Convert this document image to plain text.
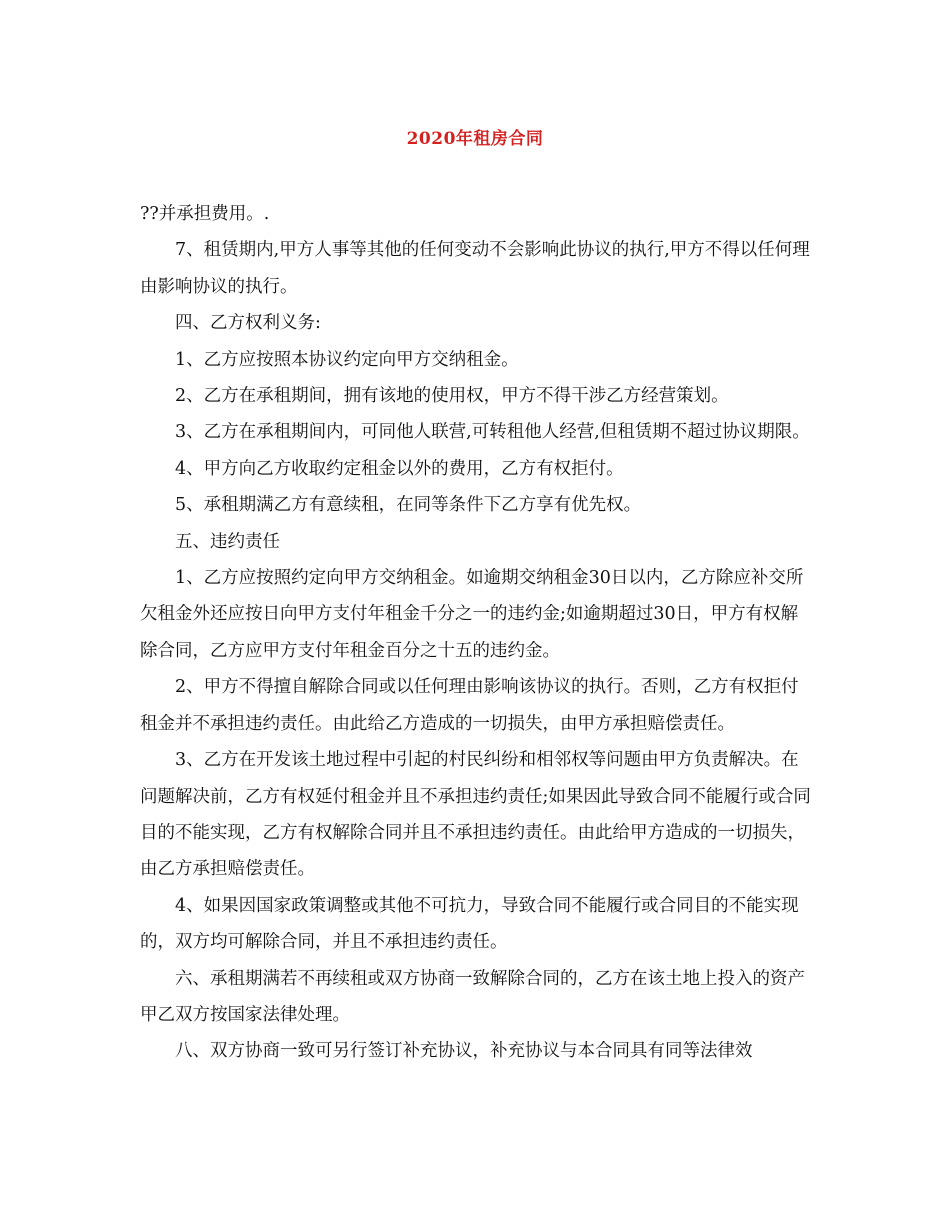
2020年租房合同

??并承担费用。.

7、租赁期内,甲方人事等其他的任何变动不会影响此协议的执行,甲方不得以任何理由影响协议的执行。

四、乙方权利义务:

1、乙方应按照本协议约定向甲方交纳租金。

2、乙方在承租期间，拥有该地的使用权，甲方不得干涉乙方经营策划。

3、乙方在承租期间内，可同他人联营,可转租他人经营,但租赁期不超过协议期限。

4、甲方向乙方收取约定租金以外的费用，乙方有权拒付。

5、承租期满乙方有意续租，在同等条件下乙方享有优先权。

五、违约责任

1、乙方应按照约定向甲方交纳租金。如逾期交纳租金30日以内，乙方除应补交所欠租金外还应按日向甲方支付年租金千分之一的违约金;如逾期超过30日，甲方有权解除合同，乙方应甲方支付年租金百分之十五的违约金。

2、甲方不得擅自解除合同或以任何理由影响该协议的执行。否则，乙方有权拒付租金并不承担违约责任。由此给乙方造成的一切损失，由甲方承担赔偿责任。

3、乙方在开发该土地过程中引起的村民纠纷和相邻权等问题由甲方负责解决。在问题解决前，乙方有权延付租金并且不承担违约责任;如果因此导致合同不能履行或合同目的不能实现，乙方有权解除合同并且不承担违约责任。由此给甲方造成的一切损失，由乙方承担赔偿责任。

4、如果因国家政策调整或其他不可抗力，导致合同不能履行或合同目的不能实现的，双方均可解除合同，并且不承担违约责任。

六、承租期满若不再续租或双方协商一致解除合同的，乙方在该土地上投入的资产甲乙双方按国家法律处理。

八、双方协商一致可另行签订补充协议，补充协议与本合同具有同等法律效
